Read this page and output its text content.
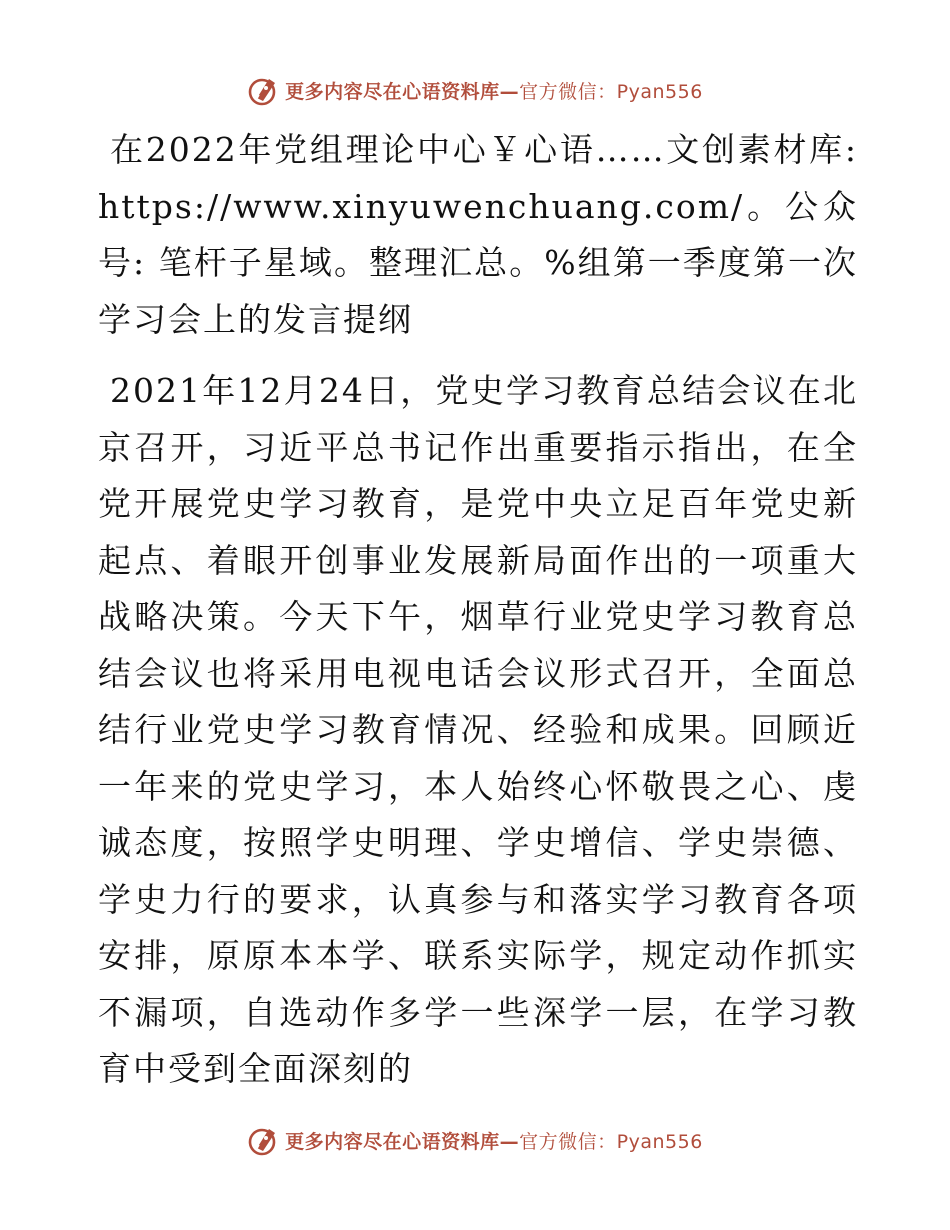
更多内容尽在心语资料库—官方微信：Pyan556

在2022年党组理论中心￥心语……文创素材库: https://www.xinyuwenchuang.com/。公众号: 笔杆子星域。整理汇总。%组第一季度第一次学习会上的发言提纲

2021年12月24日，党史学习教育总结会议在北京召开，习近平总书记作出重要指示指出，在全党开展党史学习教育，是党中央立足百年党史新起点、着眼开创事业发展新局面作出的一项重大战略决策。今天下午，烟草行业党史学习教育总结会议也将采用电视电话会议形式召开，全面总结行业党史学习教育情况、经验和成果。回顾近一年来的党史学习，本人始终心怀敬畏之心、虔诚态度，按照学史明理、学史增信、学史崇德、学史力行的要求，认真参与和落实学习教育各项安排，原原本本学、联系实际学，规定动作抓实不漏项，自选动作多学一些深学一层，在学习教育中受到全面深刻的

更多内容尽在心语资料库—官方微信：Pyan556
